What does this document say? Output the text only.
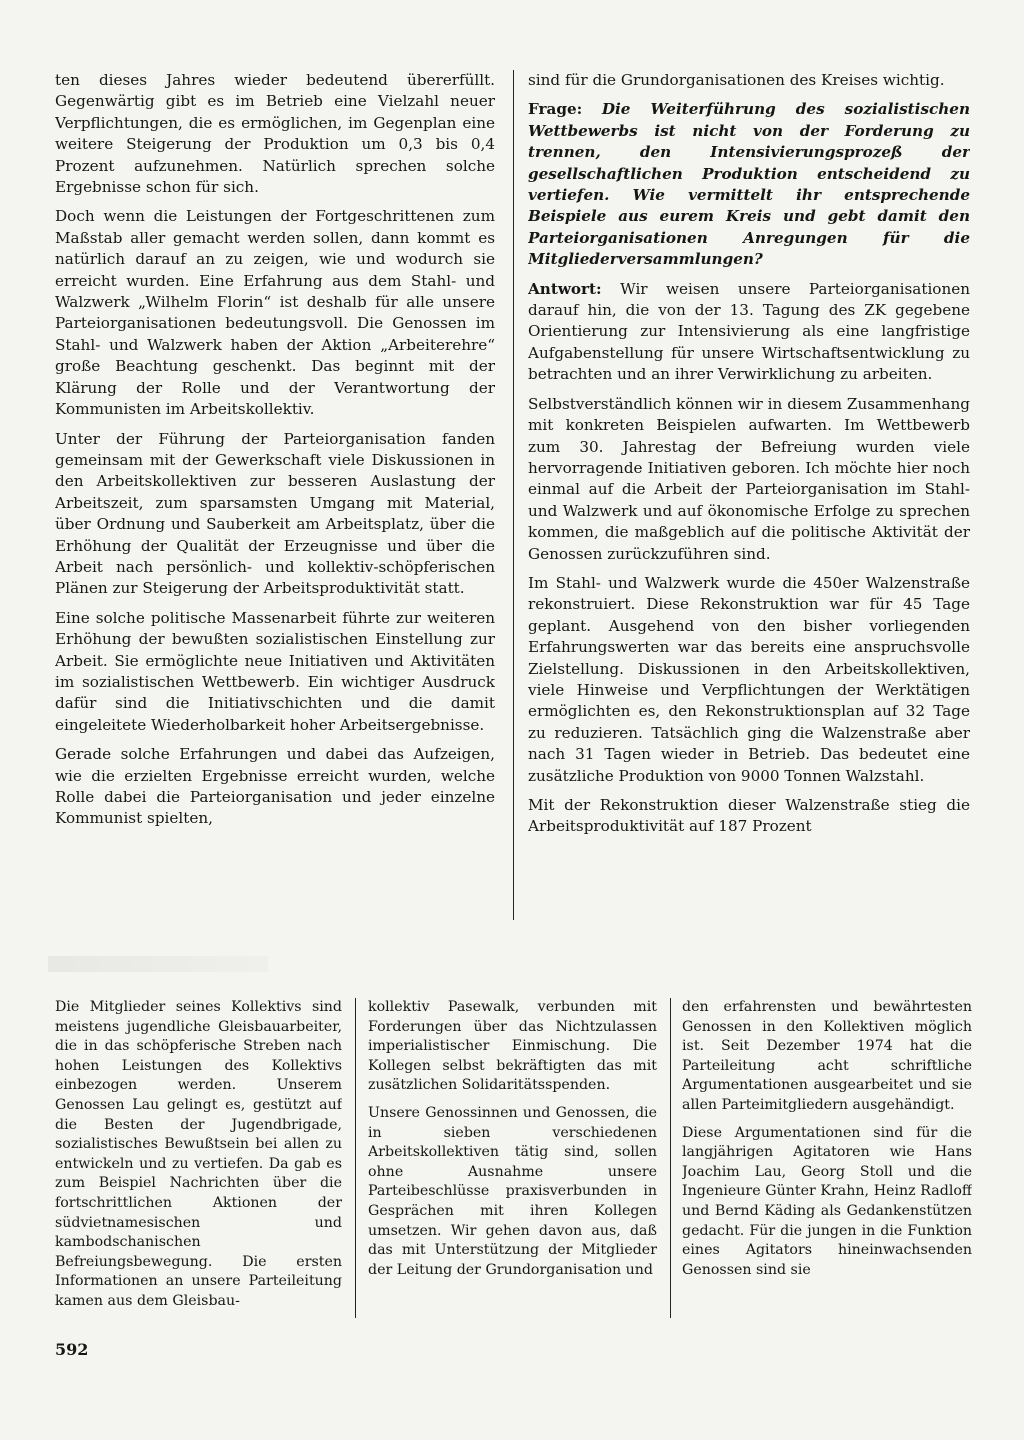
ten dieses Jahres wieder bedeutend übererfüllt. Gegenwärtig gibt es im Betrieb eine Vielzahl neuer Verpflichtungen, die es ermöglichen, im Gegenplan eine weitere Steigerung der Produktion um 0,3 bis 0,4 Prozent aufzunehmen. Natürlich sprechen solche Ergebnisse schon für sich.

Doch wenn die Leistungen der Fortgeschrittenen zum Maßstab aller gemacht werden sollen, dann kommt es natürlich darauf an zu zeigen, wie und wodurch sie erreicht wurden. Eine Erfahrung aus dem Stahl- und Walzwerk „Wilhelm Florin“ ist deshalb für alle unsere Parteiorganisationen bedeutungsvoll. Die Genossen im Stahl- und Walzwerk haben der Aktion „Arbeiterehre“ große Beachtung geschenkt. Das beginnt mit der Klärung der Rolle und der Verantwortung der Kommunisten im Arbeitskollektiv.

Unter der Führung der Parteiorganisation fanden gemeinsam mit der Gewerkschaft viele Diskussionen in den Arbeitskollektiven zur besseren Auslastung der Arbeitszeit, zum sparsamsten Umgang mit Material, über Ordnung und Sauberkeit am Arbeitsplatz, über die Erhöhung der Qualität der Erzeugnisse und über die Arbeit nach persönlich- und kollektiv-schöpferischen Plänen zur Steigerung der Arbeitsproduktivität statt.

Eine solche politische Massenarbeit führte zur weiteren Erhöhung der bewußten sozialistischen Einstellung zur Arbeit. Sie ermöglichte neue Initiativen und Aktivitäten im sozialistischen Wettbewerb. Ein wichtiger Ausdruck dafür sind die Initiativschichten und die damit eingeleitete Wiederholbarkeit hoher Arbeitsergebnisse.

Gerade solche Erfahrungen und dabei das Aufzeigen, wie die erzielten Ergebnisse erreicht wurden, welche Rolle dabei die Parteiorganisation und jeder einzelne Kommunist spielten,

sind für die Grundorganisationen des Kreises wichtig.

Frage: Die Weiterführung des sozialistischen Wettbewerbs ist nicht von der Forderung zu trennen, den Intensivierungsprozeß der gesellschaftlichen Produktion entscheidend zu vertiefen. Wie vermittelt ihr entsprechende Beispiele aus eurem Kreis und gebt damit den Parteiorganisationen Anregungen für die Mitgliederversammlungen?

Antwort: Wir weisen unsere Parteiorganisationen darauf hin, die von der 13. Tagung des ZK gegebene Orientierung zur Intensivierung als eine langfristige Aufgabenstellung für unsere Wirtschaftsentwicklung zu betrachten und an ihrer Verwirklichung zu arbeiten.

Selbstverständlich können wir in diesem Zusammenhang mit konkreten Beispielen aufwarten. Im Wettbewerb zum 30. Jahrestag der Befreiung wurden viele hervorragende Initiativen geboren. Ich möchte hier noch einmal auf die Arbeit der Parteiorganisation im Stahl- und Walzwerk und auf ökonomische Erfolge zu sprechen kommen, die maßgeblich auf die politische Aktivität der Genossen zurückzuführen sind.

Im Stahl- und Walzwerk wurde die 450er Walzenstraße rekonstruiert. Diese Rekonstruktion war für 45 Tage geplant. Ausgehend von den bisher vorliegenden Erfahrungswerten war das bereits eine anspruchsvolle Zielstellung. Diskussionen in den Arbeitskollektiven, viele Hinweise und Verpflichtungen der Werktätigen ermöglichten es, den Rekonstruktionsplan auf 32 Tage zu reduzieren. Tatsächlich ging die Walzenstraße aber nach 31 Tagen wieder in Betrieb. Das bedeutet eine zusätzliche Produktion von 9000 Tonnen Walzstahl.

Mit der Rekonstruktion dieser Walzenstraße stieg die Arbeitsproduktivität auf 187 Prozent

Die Mitglieder seines Kollektivs sind meistens jugendliche Gleisbauarbeiter, die in das schöpferische Streben nach hohen Leistungen des Kollektivs einbezogen werden. Unserem Genossen Lau gelingt es, gestützt auf die Besten der Jugendbrigade, sozialistisches Bewußtsein bei allen zu entwickeln und zu vertiefen. Da gab es zum Beispiel Nachrichten über die fortschrittlichen Aktionen der südvietnamesischen und kambodschanischen Befreiungsbewegung. Die ersten Informationen an unsere Parteileitung kamen aus dem Gleisbau-

kollektiv Pasewalk, verbunden mit Forderungen über das Nichtzulassen imperialistischer Einmischung. Die Kollegen selbst bekräftigten das mit zusätzlichen Solidaritätsspenden.

Unsere Genossinnen und Genossen, die in sieben verschiedenen Arbeitskollektiven tätig sind, sollen ohne Ausnahme unsere Parteibeschlüsse praxisverbunden in Gesprächen mit ihren Kollegen umsetzen. Wir gehen davon aus, daß das mit Unterstützung der Mitglieder der Leitung der Grundorganisation und

den erfahrensten und bewährtesten Genossen in den Kollektiven möglich ist. Seit Dezember 1974 hat die Parteileitung acht schriftliche Argumentationen ausgearbeitet und sie allen Parteimitgliedern ausgehändigt.

Diese Argumentationen sind für die langjährigen Agitatoren wie Hans Joachim Lau, Georg Stoll und die Ingenieure Günter Krahn, Heinz Radloff und Bernd Käding als Gedankenstützen gedacht. Für die jungen in die Funktion eines Agitators hineinwachsenden Genossen sind sie

592
